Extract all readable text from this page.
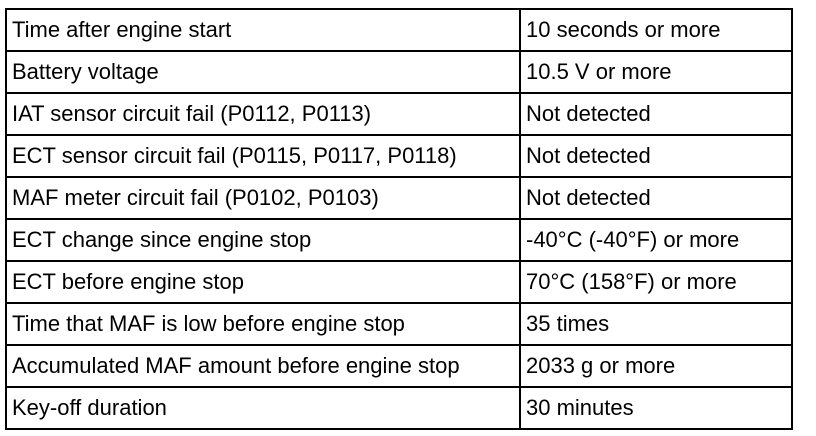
Time after engine start	10 seconds or more
Battery voltage	10.5 V or more
IAT sensor circuit fail (P0112, P0113)	Not detected
ECT sensor circuit fail (P0115, P0117, P0118)	Not detected
MAF meter circuit fail (P0102, P0103)	Not detected
ECT change since engine stop	-40°C (-40°F) or more
ECT before engine stop	70°C (158°F) or more
Time that MAF is low before engine stop	35 times
Accumulated MAF amount before engine stop	2033 g or more
Key-off duration	30 minutes
